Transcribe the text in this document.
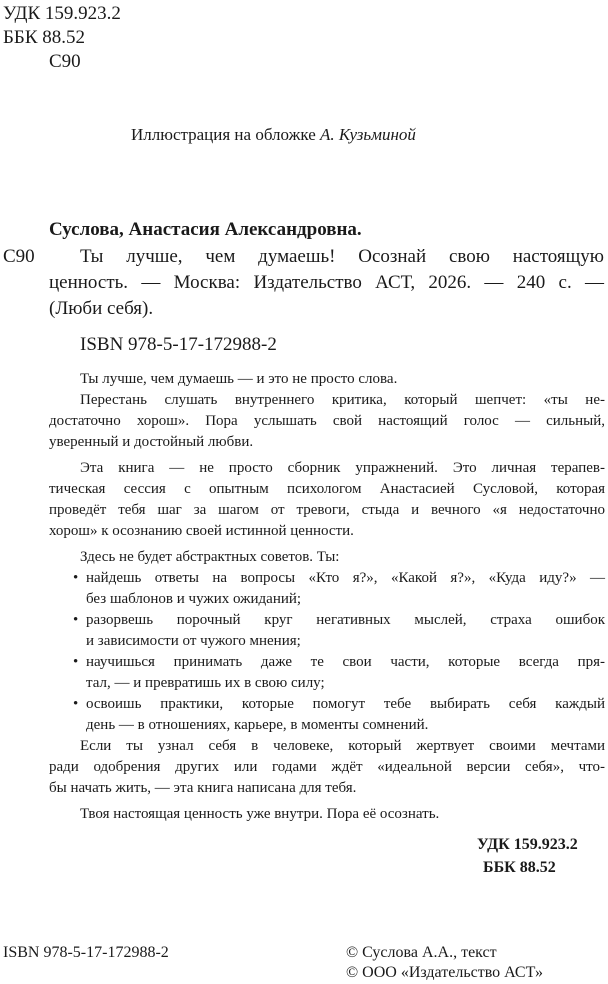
УДК 159.923.2
ББК 88.52
С90
Иллюстрация на обложке А. Кузьминой
Суслова, Анастасия Александровна.
С90 Ты лучше, чем думаешь! Осознай свою настоящую
ценность. — Москва: Издательство АСТ, 2026. — 240 с. —
(Люби себя).
ISBN 978-5-17-172988-2
Ты лучше, чем думаешь — и это не просто слова.
Перестань слушать внутреннего критика, который шепчет: «ты не-
достаточно хорош». Пора услышать свой настоящий голос — сильный,
уверенный и достойный любви.
Эта книга — не просто сборник упражнений. Это личная терапев-
тическая сессия с опытным психологом Анастасией Сусловой, которая
проведёт тебя шаг за шагом от тревоги, стыда и вечного «я недостаточно
хорош» к осознанию своей истинной ценности.
Здесь не будет абстрактных советов. Ты:
• найдешь ответы на вопросы «Кто я?», «Какой я?», «Куда иду?» —
без шаблонов и чужих ожиданий;
• разорвешь порочный круг негативных мыслей, страха ошибок
и зависимости от чужого мнения;
• научишься принимать даже те свои части, которые всегда пря-
тал, — и превратишь их в свою силу;
• освоишь практики, которые помогут тебе выбирать себя каждый
день — в отношениях, карьере, в моменты сомнений.
Если ты узнал себя в человеке, который жертвует своими мечтами
ради одобрения других или годами ждёт «идеальной версии себя», что-
бы начать жить, — эта книга написана для тебя.
Твоя настоящая ценность уже внутри. Пора её осознать.
УДК 159.923.2
ББК 88.52
ISBN 978-5-17-172988-2	© Суслова А.А., текст
© ООО «Издательство АСТ»
